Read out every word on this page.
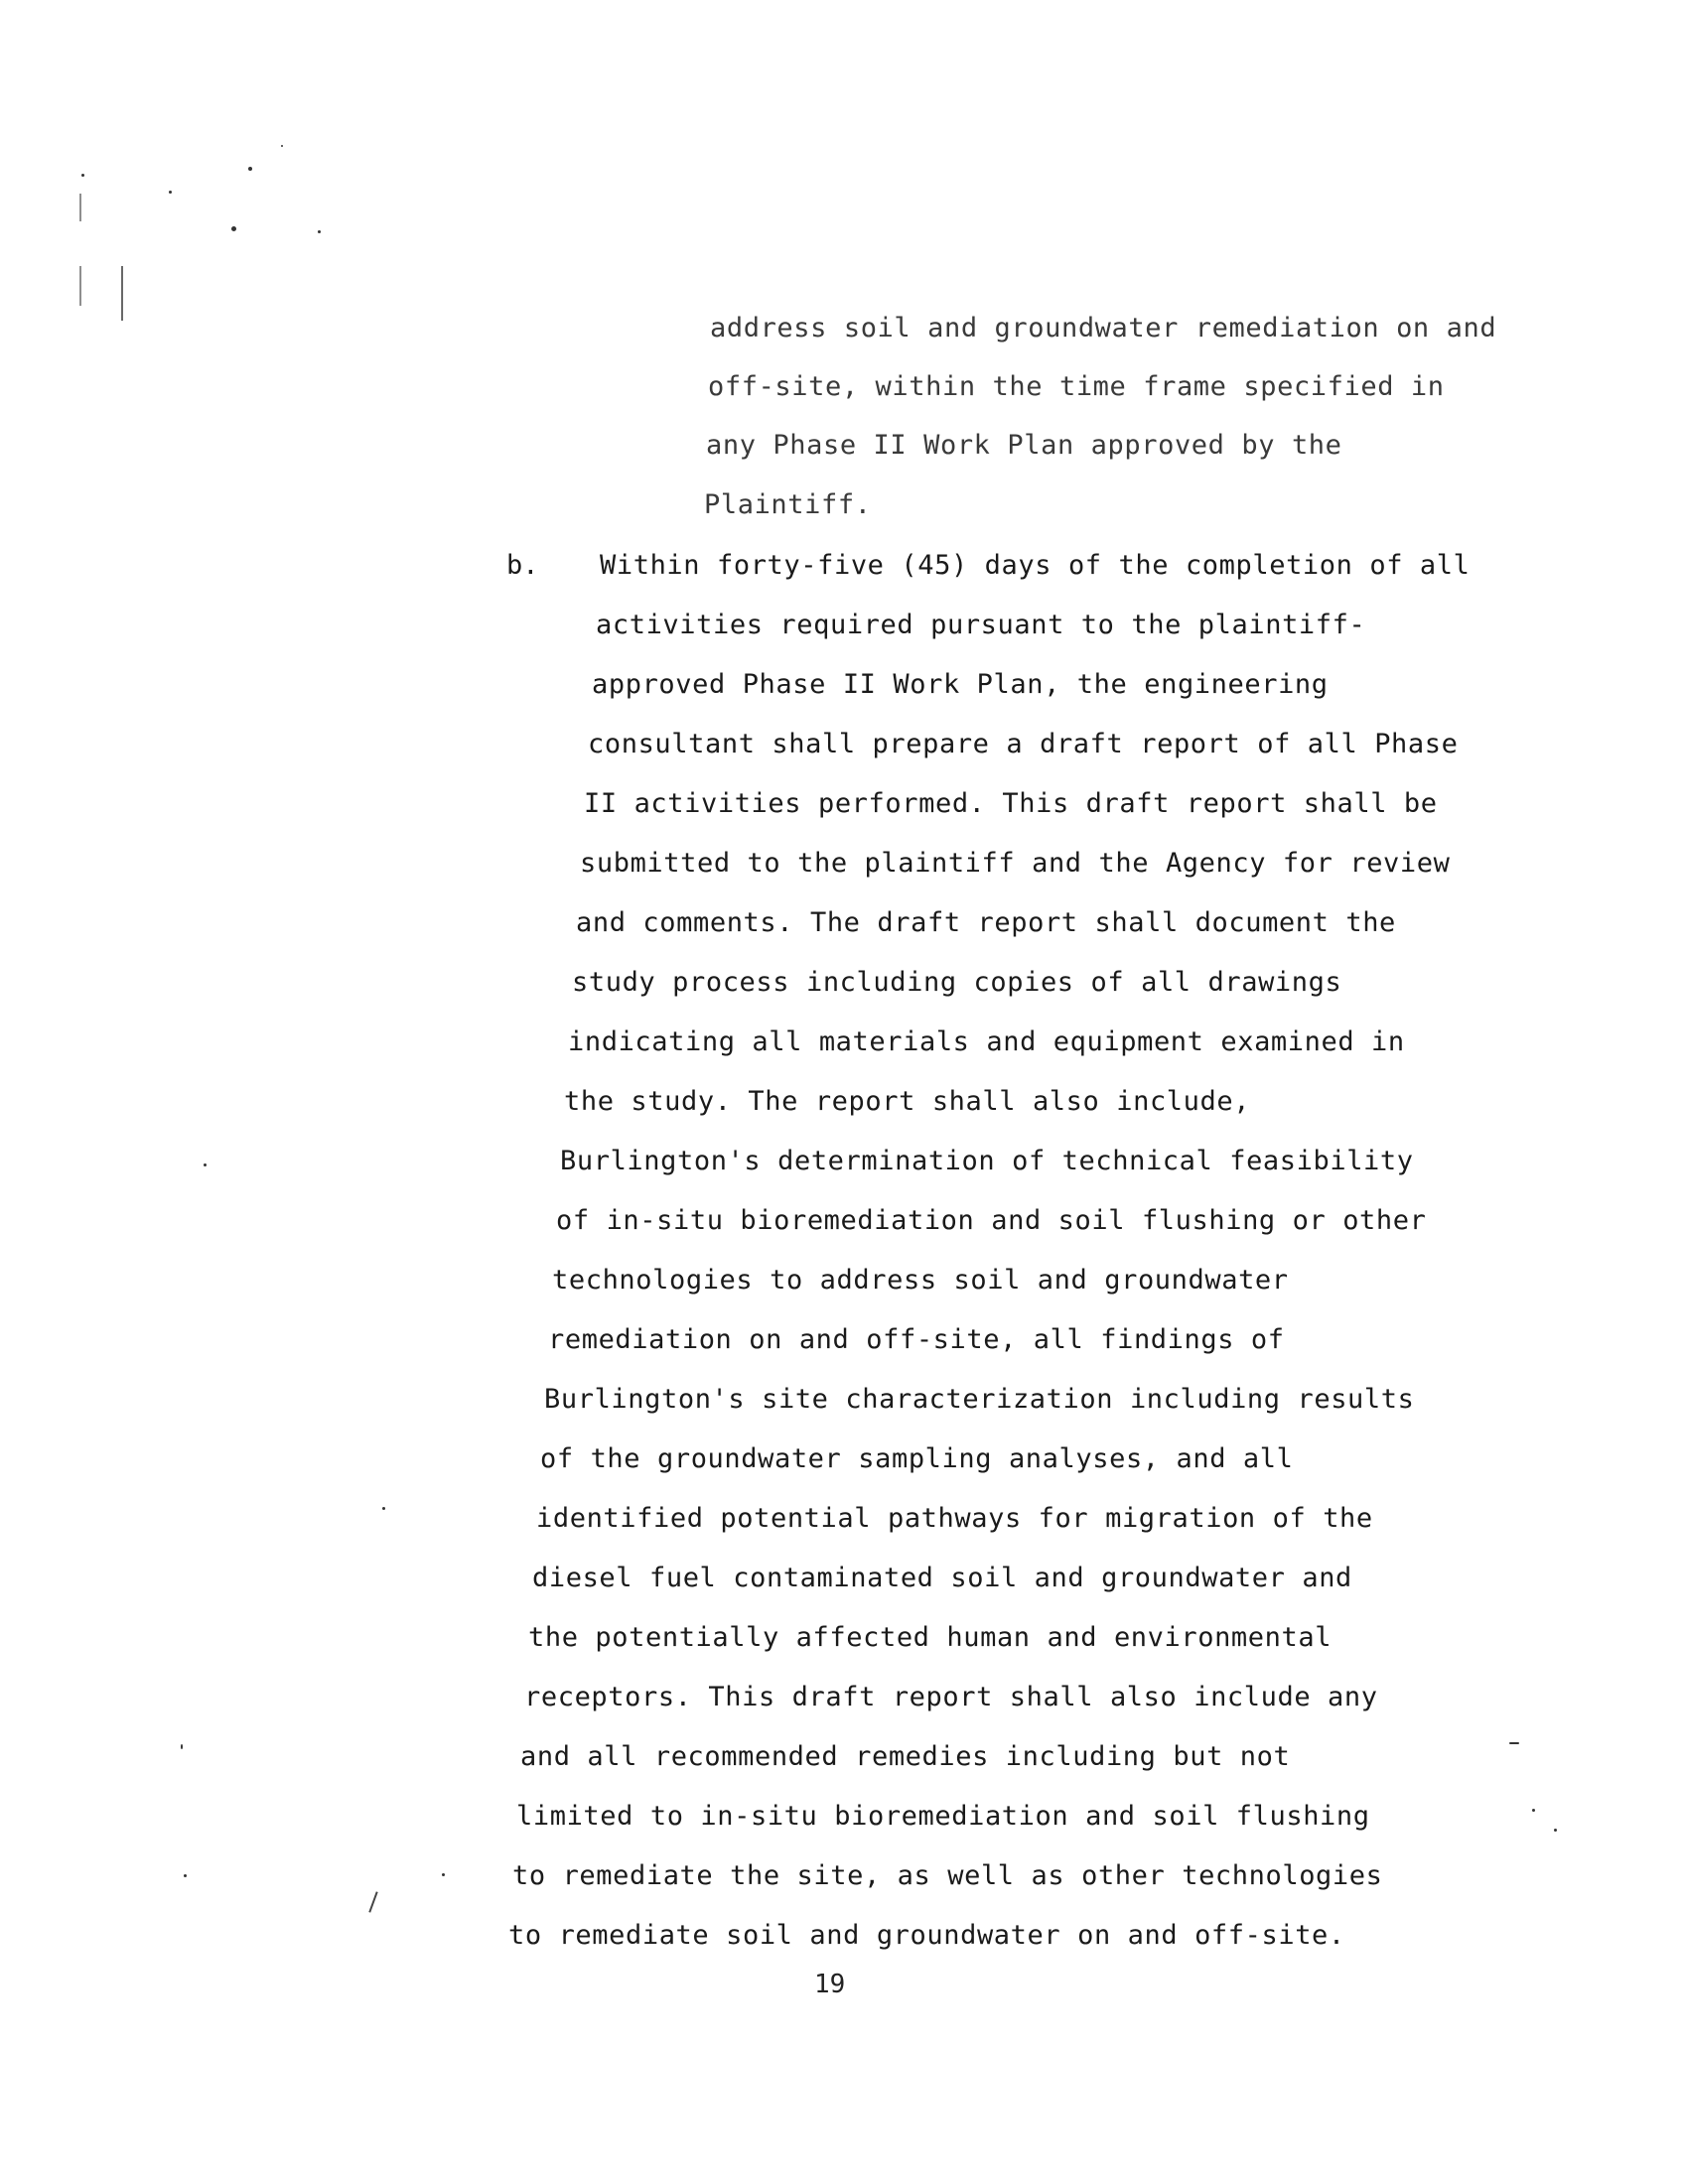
address soil and groundwater remediation on and
off-site, within the time frame specified in
any Phase II Work Plan approved by the
Plaintiff.
b. Within forty-five (45) days of the completion of all
activities required pursuant to the plaintiff-
approved Phase II Work Plan, the engineering
consultant shall prepare a draft report of all Phase
II activities performed. This draft report shall be
submitted to the plaintiff and the Agency for review
and comments. The draft report shall document the
study process including copies of all drawings
indicating all materials and equipment examined in
the study. The report shall also include,
Burlington's determination of technical feasibility
of in-situ bioremediation and soil flushing or other
technologies to address soil and groundwater
remediation on and off-site, all findings of
Burlington's site characterization including results
of the groundwater sampling analyses, and all
identified potential pathways for migration of the
diesel fuel contaminated soil and groundwater and
the potentially affected human and environmental
receptors. This draft report shall also include any
and all recommended remedies including but not
limited to in-situ bioremediation and soil flushing
to remediate the site, as well as other technologies
to remediate soil and groundwater on and off-site.
19
